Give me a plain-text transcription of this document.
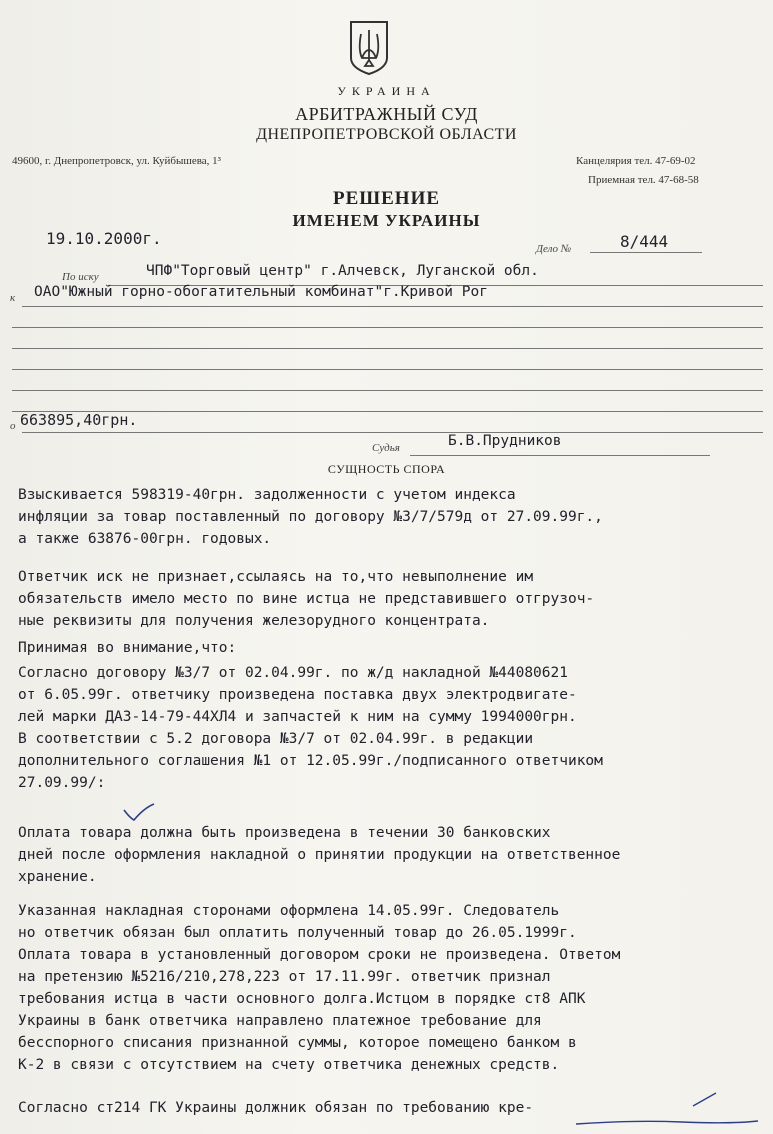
УКРАИНА
АРБИТРАЖНЫЙ СУД
ДНЕПРОПЕТРОВСКОЙ ОБЛАСТИ
49600, г. Днепропетровск, ул. Куйбышева, 1³	Канцелярия тел. 47-69-02
Приемная тел. 47-68-58
РЕШЕНИЕ
ИМЕНЕМ УКРАИНЫ
19.10.2000г.
Дело №	8/444
По иску	ЧПФ"Торговый центр" г.Алчевск, Луганской обл.
к ОАО"Южный горно-обогатительный комбинат"г.Кривой Рог
о 663895,40грн.
Судья	Б.В.Прудников
СУЩНОСТЬ СПОРА
Взыскивается 598319-40грн. задолженности с учетом индекса
инфляции за товар поставленный по договору №3/7/579д от 27.09.99г.,
а также 63876-00грн. годовых.
Ответчик иск не признает,ссылаясь на то,что невыполнение им
обязательств имело место по вине истца не представившего отгрузоч-
ные реквизиты для получения железорудного концентрата.
Принимая во внимание,что:
Согласно договору №3/7 от 02.04.99г. по ж/д накладной №44080621
от 6.05.99г. ответчику произведена поставка двух электродвигате-
лей марки ДАЗ-14-79-44ХЛ4 и запчастей к ним на сумму 1994000грн.
В соответствии с 5.2 договора №3/7 от 02.04.99г. в редакции
дополнительного соглашения №1 от 12.05.99г./подписанного ответчиком
27.09.99/:
Оплата товара должна быть произведена в течении 30 банковских
дней после оформления накладной о принятии продукции на ответственное
хранение.
Указанная накладная сторонами оформлена 14.05.99г. Следователь
но ответчик обязан был оплатить полученный товар до 26.05.1999г.
Оплата товара в установленный договором сроки не произведена. Ответом
на претензию №5216/210,278,223 от 17.11.99г. ответчик признал
требования истца в части основного долга.Истцом в порядке ст8 АПК
Украины в банк ответчика направлено платежное требование для
бесспорного списания признанной суммы, которое помещено банком в
К-2 в связи с отсутствием на счету ответчика денежных средств.
Согласно ст214 ГК Украины должник обязан по требованию кре-
